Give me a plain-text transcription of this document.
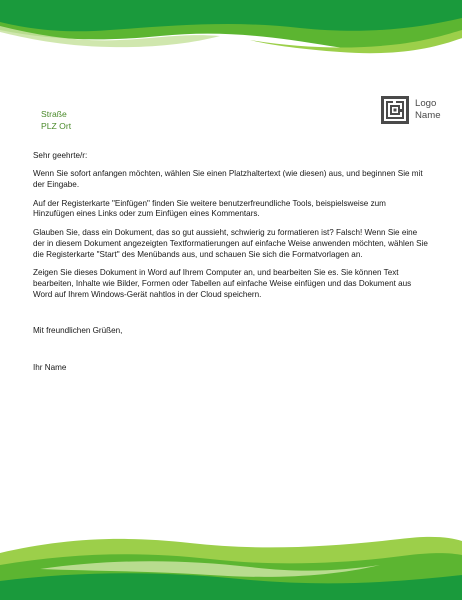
Straße
PLZ Ort
Logo
Name

Sehr geehrte/r:

Wenn Sie sofort anfangen möchten, wählen Sie einen Platzhaltertext (wie diesen) aus, und beginnen Sie mit der Eingabe.

Auf der Registerkarte "Einfügen" finden Sie weitere benutzerfreundliche Tools, beispielsweise zum Hinzufügen eines Links oder zum Einfügen eines Kommentars.

Glauben Sie, dass ein Dokument, das so gut aussieht, schwierig zu formatieren ist? Falsch! Wenn Sie eine der in diesem Dokument angezeigten Textformatierungen auf einfache Weise anwenden möchten, wählen Sie die Registerkarte "Start" des Menübands aus, und schauen Sie sich die Formatvorlagen an.

Zeigen Sie dieses Dokument in Word auf Ihrem Computer an, und bearbeiten Sie es. Sie können Text bearbeiten, Inhalte wie Bilder, Formen oder Tabellen auf einfache Weise einfügen und das Dokument aus Word auf Ihrem Windows-Gerät nahtlos in der Cloud speichern.

Mit freundlichen Grüßen,
Ihr Name
